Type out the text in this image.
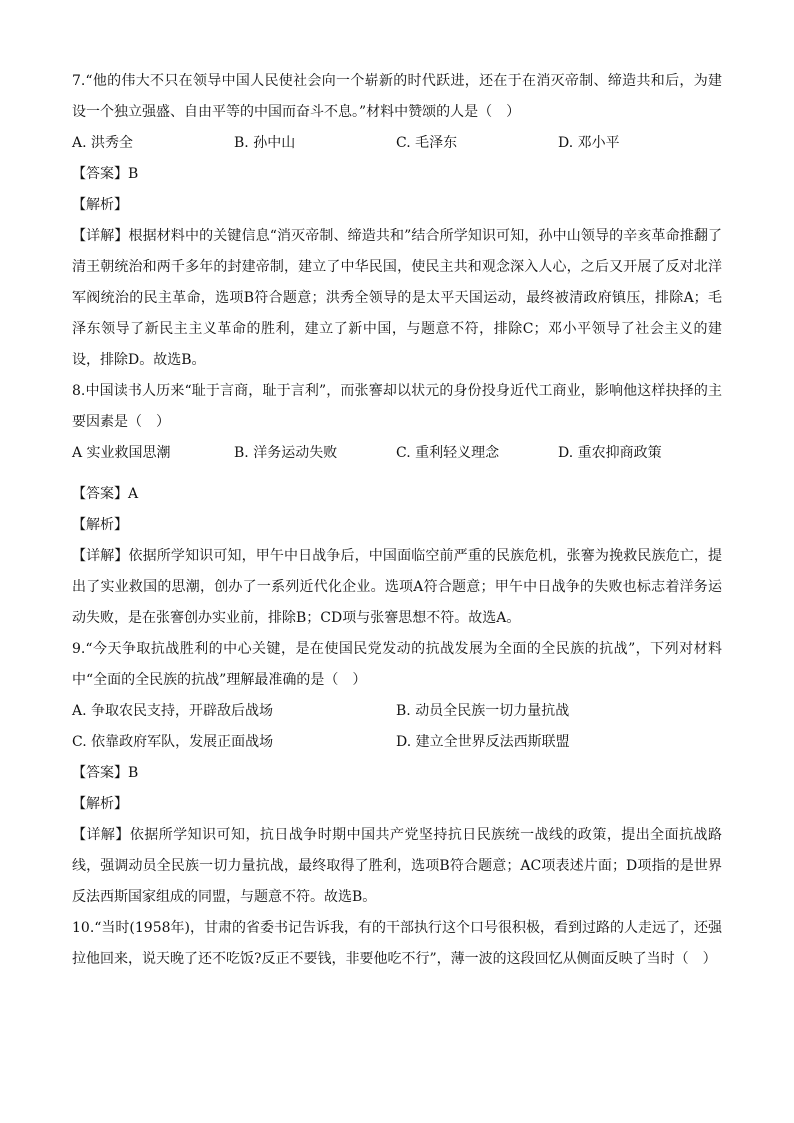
7.“他的伟大不只在领导中国人民使社会向一个崭新的时代跃进，还在于在消灭帝制、缔造共和后，为建设一个独立强盛、自由平等的中国而奋斗不息。”材料中赞颂的人是（　）
A. 洪秀全	B. 孙中山	C. 毛泽东	D. 邓小平
【答案】B
【解析】
【详解】根据材料中的关键信息“消灭帝制、缔造共和”结合所学知识可知，孙中山领导的辛亥革命推翻了清王朝统治和两千多年的封建帝制，建立了中华民国，使民主共和观念深入人心，之后又开展了反对北洋军阀统治的民主革命，选项B符合题意；洪秀全领导的是太平天国运动，最终被清政府镇压，排除A；毛泽东领导了新民主主义革命的胜利，建立了新中国，与题意不符，排除C；邓小平领导了社会主义的建设，排除D。故选B。
8.中国读书人历来“耻于言商，耻于言利”，而张謇却以状元的身份投身近代工商业，影响他这样抉择的主要因素是（　）
A 实业救国思潮	B. 洋务运动失败	C. 重利轻义理念	D. 重农抑商政策
【答案】A
【解析】
【详解】依据所学知识可知，甲午中日战争后，中国面临空前严重的民族危机，张謇为挽救民族危亡，提出了实业救国的思潮，创办了一系列近代化企业。选项A符合题意；甲午中日战争的失败也标志着洋务运动失败，是在张謇创办实业前，排除B；CD项与张謇思想不符。故选A。
9.“今天争取抗战胜利的中心关键，是在使国民党发动的抗战发展为全面的全民族的抗战”，下列对材料中“全面的全民族的抗战”理解最准确的是（　）
A. 争取农民支持，开辟敌后战场	B. 动员全民族一切力量抗战
C. 依靠政府军队，发展正面战场	D. 建立全世界反法西斯联盟
【答案】B
【解析】
【详解】依据所学知识可知，抗日战争时期中国共产党坚持抗日民族统一战线的政策，提出全面抗战路线，强调动员全民族一切力量抗战，最终取得了胜利，选项B符合题意；AC项表述片面；D项指的是世界反法西斯国家组成的同盟，与题意不符。故选B。
10.“当时(1958年)，甘肃的省委书记告诉我，有的干部执行这个口号很积极，看到过路的人走远了，还强拉他回来，说天晚了还不吃饭?反正不要钱，非要他吃不行”，薄一波的这段回忆从侧面反映了当时（　）
